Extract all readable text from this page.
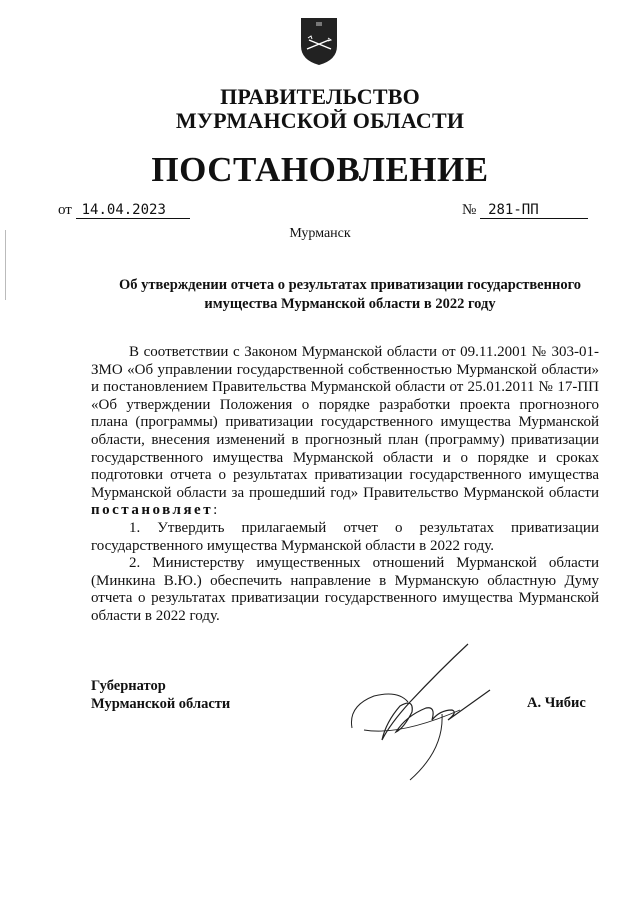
ПРАВИТЕЛЬСТВО
МУРМАНСКОЙ ОБЛАСТИ
ПОСТАНОВЛЕНИЕ
от 14.04.2023	№ 281-ПП
Мурманск
Об утверждении отчета о результатах приватизации государственного
имущества Мурманской области в 2022 году

В соответствии с Законом Мурманской области от 09.11.2001 № 303-01-ЗМО «Об управлении государственной собственностью Мурманской области» и постановлением Правительства Мурманской области от 25.01.2011 № 17-ПП «Об утверждении Положения о порядке разработки проекта прогнозного плана (программы) приватизации государственного имущества Мурманской области, внесения изменений в прогнозный план (программу) приватизации государственного имущества Мурманской области и о порядке и сроках подготовки отчета о результатах приватизации государственного имущества Мурманской области за прошедший год» Правительство Мурманской области постановляет:

1. Утвердить прилагаемый отчет о результатах приватизации государственного имущества Мурманской области в 2022 году.

2. Министерству имущественных отношений Мурманской области (Минкина В.Ю.) обеспечить направление в Мурманскую областную Думу отчета о результатах приватизации государственного имущества Мурманской области в 2022 году.

Губернатор
Мурманской области	А. Чибис
